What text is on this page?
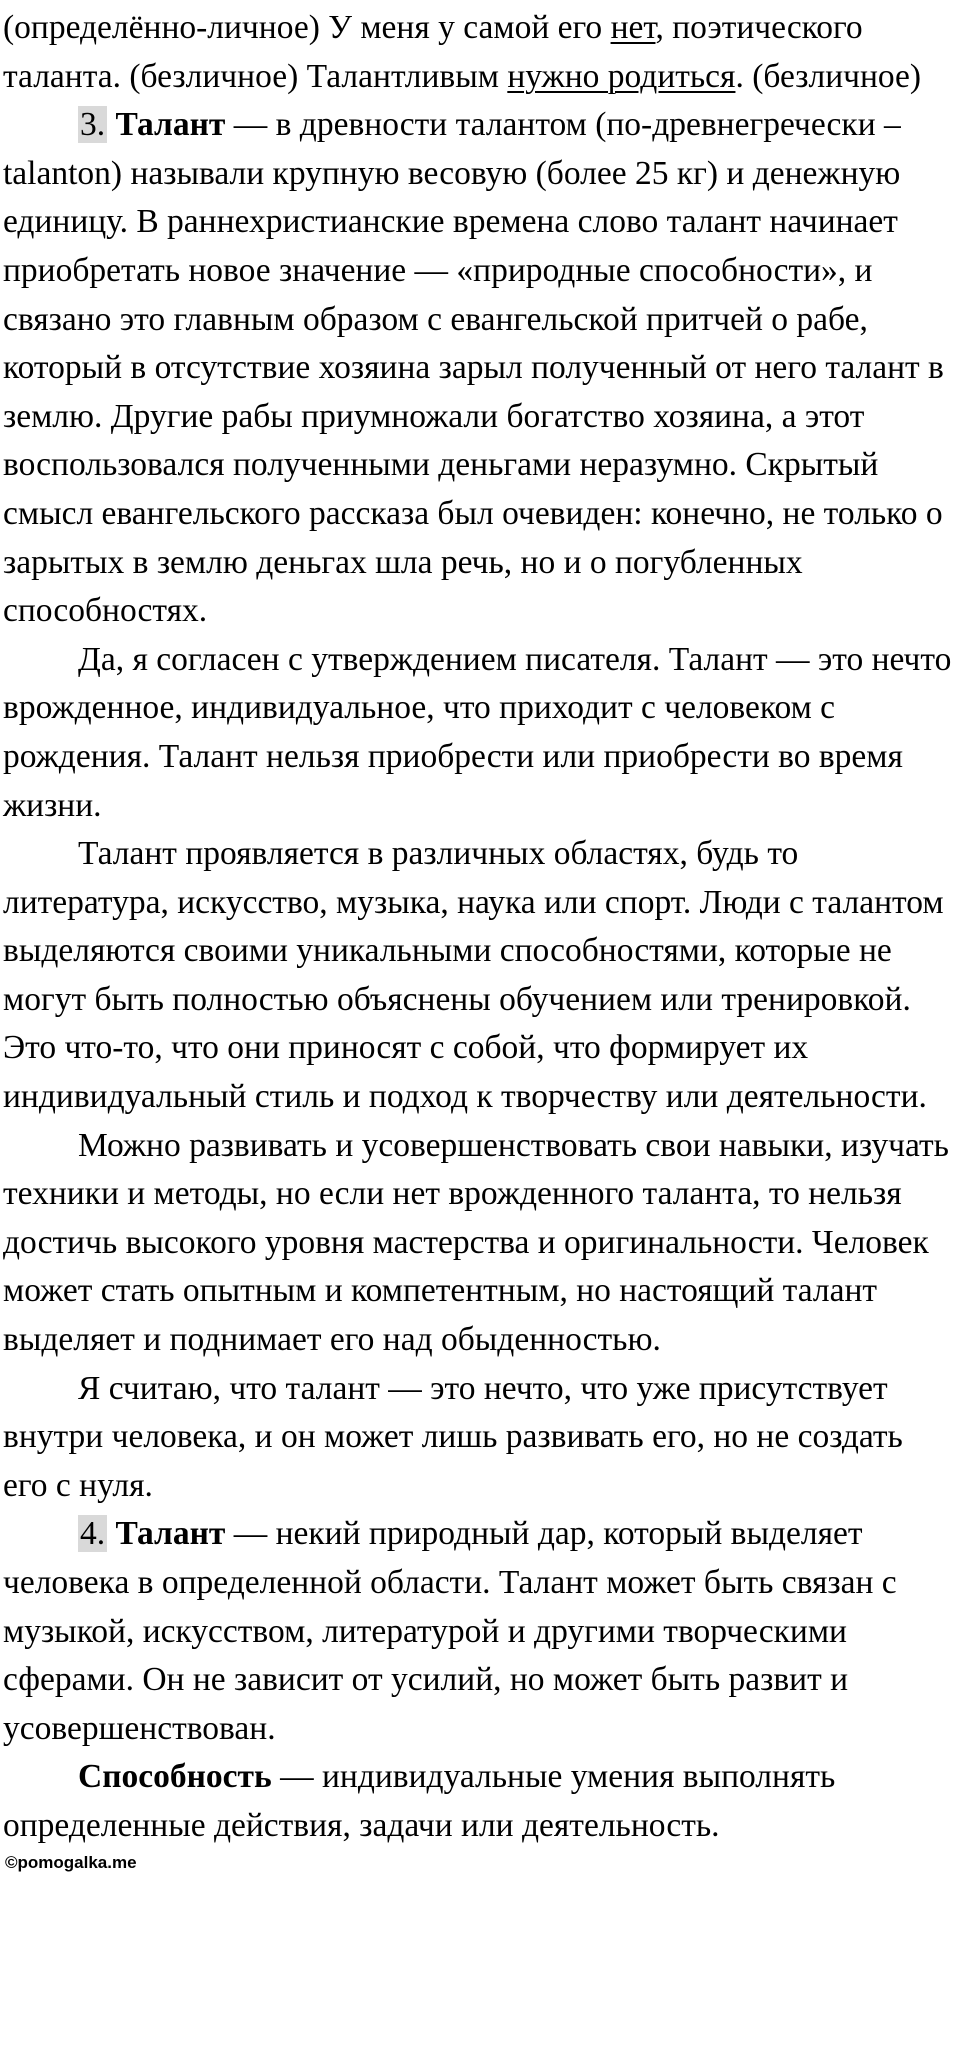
(определённо-личное) У меня у самой его нет, поэтического таланта. (безличное) Талантливым нужно родиться. (безличное)

3. Талант — в древности талантом (по-древнегречески – talanton) называли крупную весовую (более 25 кг) и денежную единицу. В раннехристианские времена слово талант начинает приобретать новое значение — «природные способности», и связано это главным образом с евангельской притчей о рабе, который в отсутствие хозяина зарыл полученный от него талант в землю. Другие рабы приумножали богатство хозяина, а этот воспользовался полученными деньгами неразумно. Скрытый смысл евангельского рассказа был очевиден: конечно, не только о зарытых в землю деньгах шла речь, но и о погубленных способностях.

Да, я согласен с утверждением писателя. Талант — это нечто врожденное, индивидуальное, что приходит с человеком с рождения. Талант нельзя приобрести или приобрести во время жизни.

Талант проявляется в различных областях, будь то литература, искусство, музыка, наука или спорт. Люди с талантом выделяются своими уникальными способностями, которые не могут быть полностью объяснены обучением или тренировкой. Это что-то, что они приносят с собой, что формирует их индивидуальный стиль и подход к творчеству или деятельности.

Можно развивать и усовершенствовать свои навыки, изучать техники и методы, но если нет врожденного таланта, то нельзя достичь высокого уровня мастерства и оригинальности. Человек может стать опытным и компетентным, но настоящий талант выделяет и поднимает его над обыденностью.

Я считаю, что талант — это нечто, что уже присутствует внутри человека, и он может лишь развивать его, но не создать его с нуля.

4. Талант — некий природный дар, который выделяет человека в определенной области. Талант может быть связан с музыкой, искусством, литературой и другими творческими сферами. Он не зависит от усилий, но может быть развит и усовершенствован.

Способность — индивидуальные умения выполнять определенные действия, задачи или деятельность.

©pomogalka.me
